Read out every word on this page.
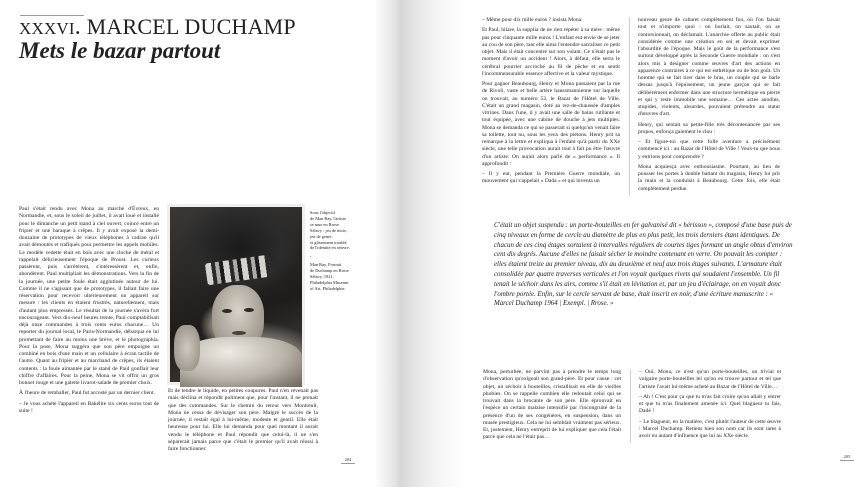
xxxvi. MARCEL DUCHAMP
Mets le bazar partout

Paul s'était rendu avec Mona au marché d'Évreux, en Normandie, et, sous le soleil de juillet, il avait loué et installé pour le dimanche un petit stand à ciel ouvert, coincé entre un fripier et une baraque à crêpes. Il y avait exposé la demi-douzaine de prototypes de vieux téléphones à cadran qu'il avait démontés et trafiqués pour permettre les appels mobiles. Le modèle vedette était en bois avec une cloche de métal et rappelait délicieusement l'époque de Proust. Les curieux passèrent, puis s'arrêtèrent, s'intéressèrent et, enfin, abondèrent. Paul multipliait les démonstrations. Vers la fin de la journée, une petite foule était agglutinée autour de lui. Comme il ne s'agissait que de prototypes, il fallait faire une réservation pour recevoir ultérieurement un appareil sur mesure : les clients en étaient frustrés, naturellement, mais d'autant plus empressés. Le résultat de la journée s'avéra fort encourageant. Vers dix-neuf heures trente, Paul comptabilisait déjà onze commandes à trois cents euros chacune… Un reporter du journal local, le Paris-Normandie, débarqua en lui promettant de faire au moins une brève, et le photographia. Pour la pose, Mona suggéra que son père empoigne un combiné en bois d'une main et un cellulaire à écran tactile de l'autre. Quant au fripier et au marchand de crêpes, ils étaient contents : la foule aimantée par le stand de Paul gonflait leur chiffre d'affaires. Pour la peine, Mona se vit offrir un gros bonnet rouge et une galette livarot-salade de premier choix.

À l'heure de remballer, Paul fut accosté par un dernier client.

– Je vous achète l'appareil en Bakélite six cents euros tout de suite !

Sous l'objectif
de Man Ray, l'artiste
se mue en Rrose
Sélavy : jeu de mots,
jeu de genre,
et glissement troublé
de l'identité en oeuvre.

-

Man Ray, Portrait
de Duchamp en Rrose
Sélavy, 1921,
Philadelphia Museum
of Art, Philadelphie.

Et de tendre le liquide, en petites coupures. Paul n'en revenait pas mais déclina et répondit poliment que, pour l'instant, il ne prenait que des commandes. Sur le chemin du retour vers Montreuil, Mona ne cessa de dévisager son père. Malgré le succès de la journée, il restait égal à lui-même, modeste et gentil. Elle était heureuse pour lui. Elle lui demanda pour quel montant il aurait vendu le téléphone et Paul répondit que celui-là, il ne s'en séparerait jamais parce que c'était le premier qu'il avait réussi à faire fonctionner.

204

– Même pour dix mille euros ? insista Mona.

Et Paul, hilare, la supplia de ne rien répéter à sa mère : même pas pour cinquante mille euros ! L'enfant eut envie de se jeter au cou de son père, tant elle aima l'entendre sacraliser ce petit objet. Mais il était concentré sur son volant. Ce n'était pas le moment d'avoir un accident ! Alors, à défaut, elle serra le cérébral pourrier accroché au fil de pêche et en sentit l'incommensurable essence affective et la valeur mystique.

Pour gagner Beaubourg, Henry et Mona passaient par la rue de Rivoli, vaste et belle artère haussmannienne sur laquelle on trouvait, au numéro 52, le Bazar de l'Hôtel de Ville. C'était un grand magasin, doté au rez-de-chaussée d'amples vitrines. Dans l'une, il y avait une salle de bains rutilante et tout équipée, avec une cabine de douche à jets multiples. Mona se demanda ce qui se passerait si quelqu'un venait faire sa toilette, tout nu, sous les yeux des piétons. Henry prit sa remarque à la lettre et expliqua à l'enfant qu'à partir du XXe siècle, une telle provocation aurait tout à fait pu être l'œuvre d'un artiste. On aurait alors parlé de « performance ». Il approfondit :

– Il y eut, pendant la Première Guerre mondiale, un mouvement qui s'appelait « Dada » et qui inventa un

nouveau genre de cabaret complètement fou, où l'on faisait tout et n'importe quoi : on hurlait, on sautait, on se contorsionnait, on déclamait. L'anarchie offerte au public était considérée comme une création en soi et devait exprimer l'absurdité de l'époque. Mais le goût de la performance s'est surtout développé après la Seconde Guerre mondiale : on s'est alors mis à désigner comme œuvres d'art des actions en apparence contraires à ce qui est esthétique ou de bon goût. Un homme qui se fait tirer dans le bras, un couple qui se barle dessus jusqu'à l'épuisement, un jeune garçon qui se fait délibérément enfermer dans une structure hermétique en pierre et qui y reste immobile une semaine… Ces actes anodins, stupides, violents, absurdes, pouvaient prétendre au statut d'œuvres d'art.

Henry, qui sentait sa petite-fille très décontenancée par ses propos, enfonça gaiement le clou :

– Et figure-toi que cette folle aventure a précisément commencé ici : au Bazar de l'Hôtel de Ville ! Veux-tu que nous y entrions pour comprendre ?

Mona acquiesça avec enthousiasme. Pourtant, au lieu de pousser les portes à double battant du magasin, Henry lui prit la main et la conduisit à Beaubourg. Cette fois, elle était complètement perdue.

C'était un objet suspendu : un porte-bouteilles en fer galvanisé dit « hérisson », composé d'une base puis de cinq niveaux en forme de cercle au diamètre de plus en plus petit, les trois derniers étant identiques. De chacun de ces cinq étages sortaient à intervalles réguliers de courtes tiges formant un angle obtus d'environ cent dix degrés. Aucune d'elles ne faisait sécher le moindre contenant en verre. On pouvait les compter : elles étaient treize au premier niveau, dix au deuxième et neuf aux trois étages suivants. L'armature était consolidée par quatre traverses verticales et l'on voyait quelques rivets qui soudaient l'ensemble. Un fil tenait le séchoir dans les airs, comme s'il était en lévitation et, par un jeu d'éclairage, on en voyait donc l'ombre portée. Enfin, sur le cercle servant de base, était inscrit en noir, d'une écriture manuscrite : « Marcel Duchamp 1964 | Exempl. | Rrose. »

Mona, perturbée, ne parvint pas à prendre le temps long d'observation qu'exigeait son grand-père. Et pour cause : cet objet, un séchoir à bouteilles, cristallisait en elle de vieilles phobies. On se rappelle combien elle redoutait celui qui se trouvait dans la brocante de son père. Elle éprouvait en l'espèce un certain malaise intensifié par l'incongruité de la présence d'un de ses congénères, en suspension, dans un musée prestigieux. Cela ne lui semblait vraiment pas sérieux. Et, justement, Henry entreprit de lui expliquer que cela l'était parce que cela ne l'était pas…

– Oui, Mona, ce n'est qu'un porte-bouteilles, un trivial et vulgaire porte-bouteilles tel qu'on en trouve partout et tel que l'artiste l'avait lui-même acheté au Bazar de l'Hôtel de Ville…

– Ah ! C'est pour ça que tu m'as fait croire qu'on allait y entrer et que tu m'as finalement amenée ici. Quel blagueur tu fais, Dadé !

– Le blagueur, en la matière, c'est plutôt l'auteur de cette œuvre : Marcel Duchamp. Retiens bien son nom car ils sont rares à avoir eu autant d'influence que lui au XXe siècle.

205
